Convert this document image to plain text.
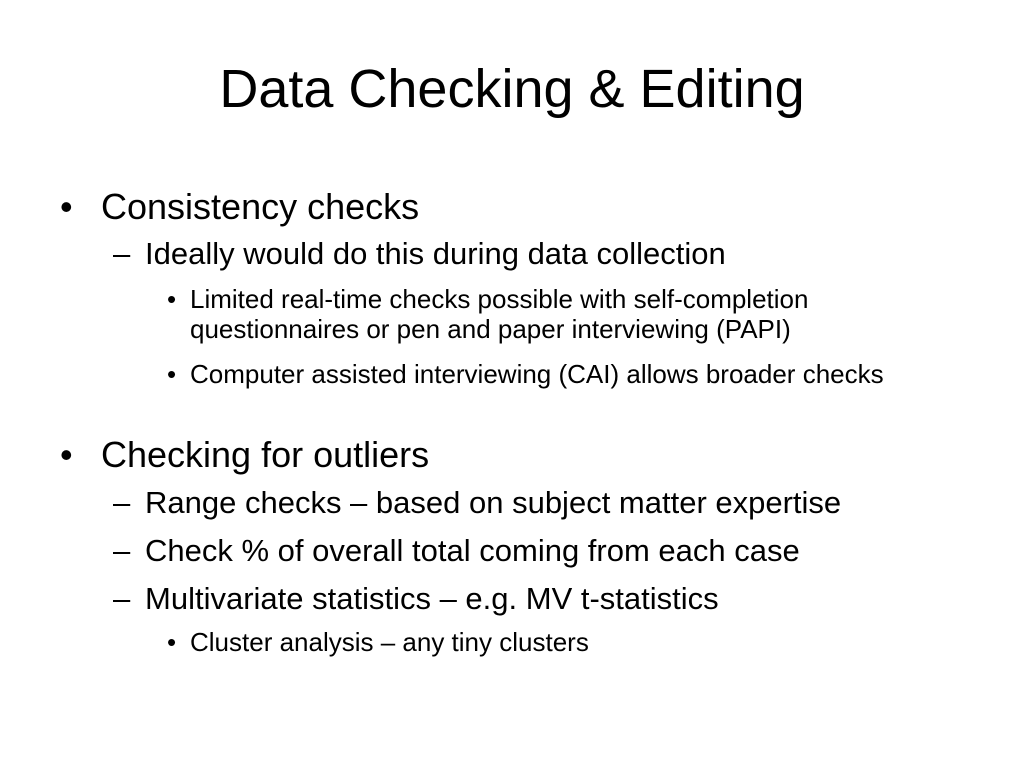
Data Checking & Editing
• Consistency checks
– Ideally would do this during data collection
• Limited real-time checks possible with self-completion questionnaires or pen and paper interviewing (PAPI)
• Computer assisted interviewing (CAI) allows broader checks
• Checking for outliers
– Range checks – based on subject matter expertise
– Check % of overall total coming from each case
– Multivariate statistics – e.g. MV t-statistics
• Cluster analysis – any tiny clusters
